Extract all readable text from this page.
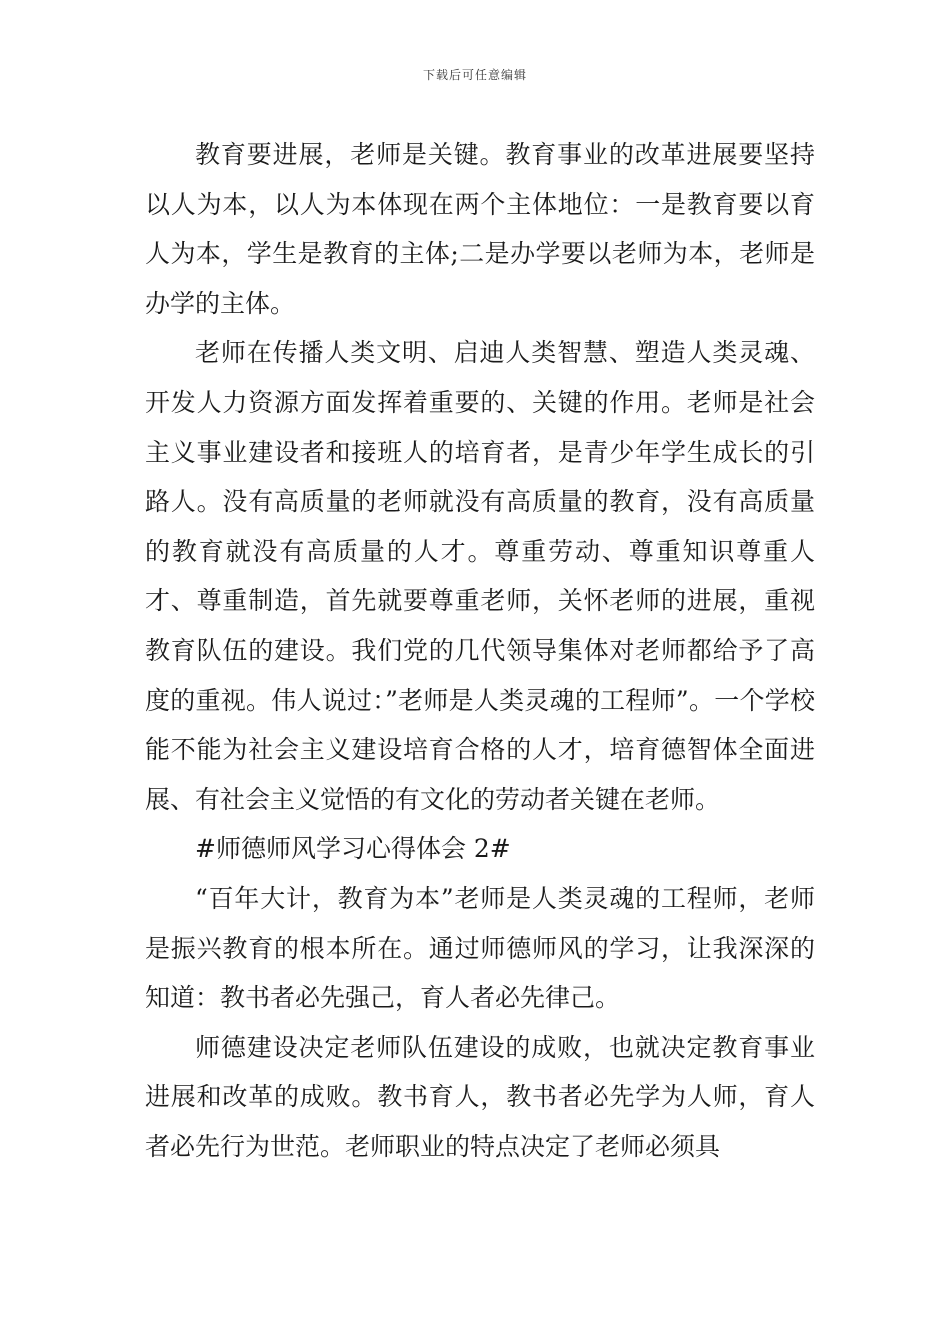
下载后可任意编辑

教育要进展，老师是关键。教育事业的改革进展要坚持以人为本，以人为本体现在两个主体地位：一是教育要以育人为本，学生是教育的主体;二是办学要以老师为本，老师是办学的主体。

老师在传播人类文明、启迪人类智慧、塑造人类灵魂、开发人力资源方面发挥着重要的、关键的作用。老师是社会主义事业建设者和接班人的培育者，是青少年学生成长的引路人。没有高质量的老师就没有高质量的教育，没有高质量的教育就没有高质量的人才。尊重劳动、尊重知识尊重人才、尊重制造，首先就要尊重老师，关怀老师的进展，重视教育队伍的建设。我们党的几代领导集体对老师都给予了高度的重视。伟人说过：”老师是人类灵魂的工程师”。一个学校能不能为社会主义建设培育合格的人才，培育德智体全面进展、有社会主义觉悟的有文化的劳动者关键在老师。

#师德师风学习心得体会 2#

“百年大计，教育为本”老师是人类灵魂的工程师，老师是振兴教育的根本所在。通过师德师风的学习，让我深深的知道：教书者必先强己，育人者必先律己。

师德建设决定老师队伍建设的成败，也就决定教育事业进展和改革的成败。教书育人，教书者必先学为人师，育人者必先行为世范。老师职业的特点决定了老师必须具
